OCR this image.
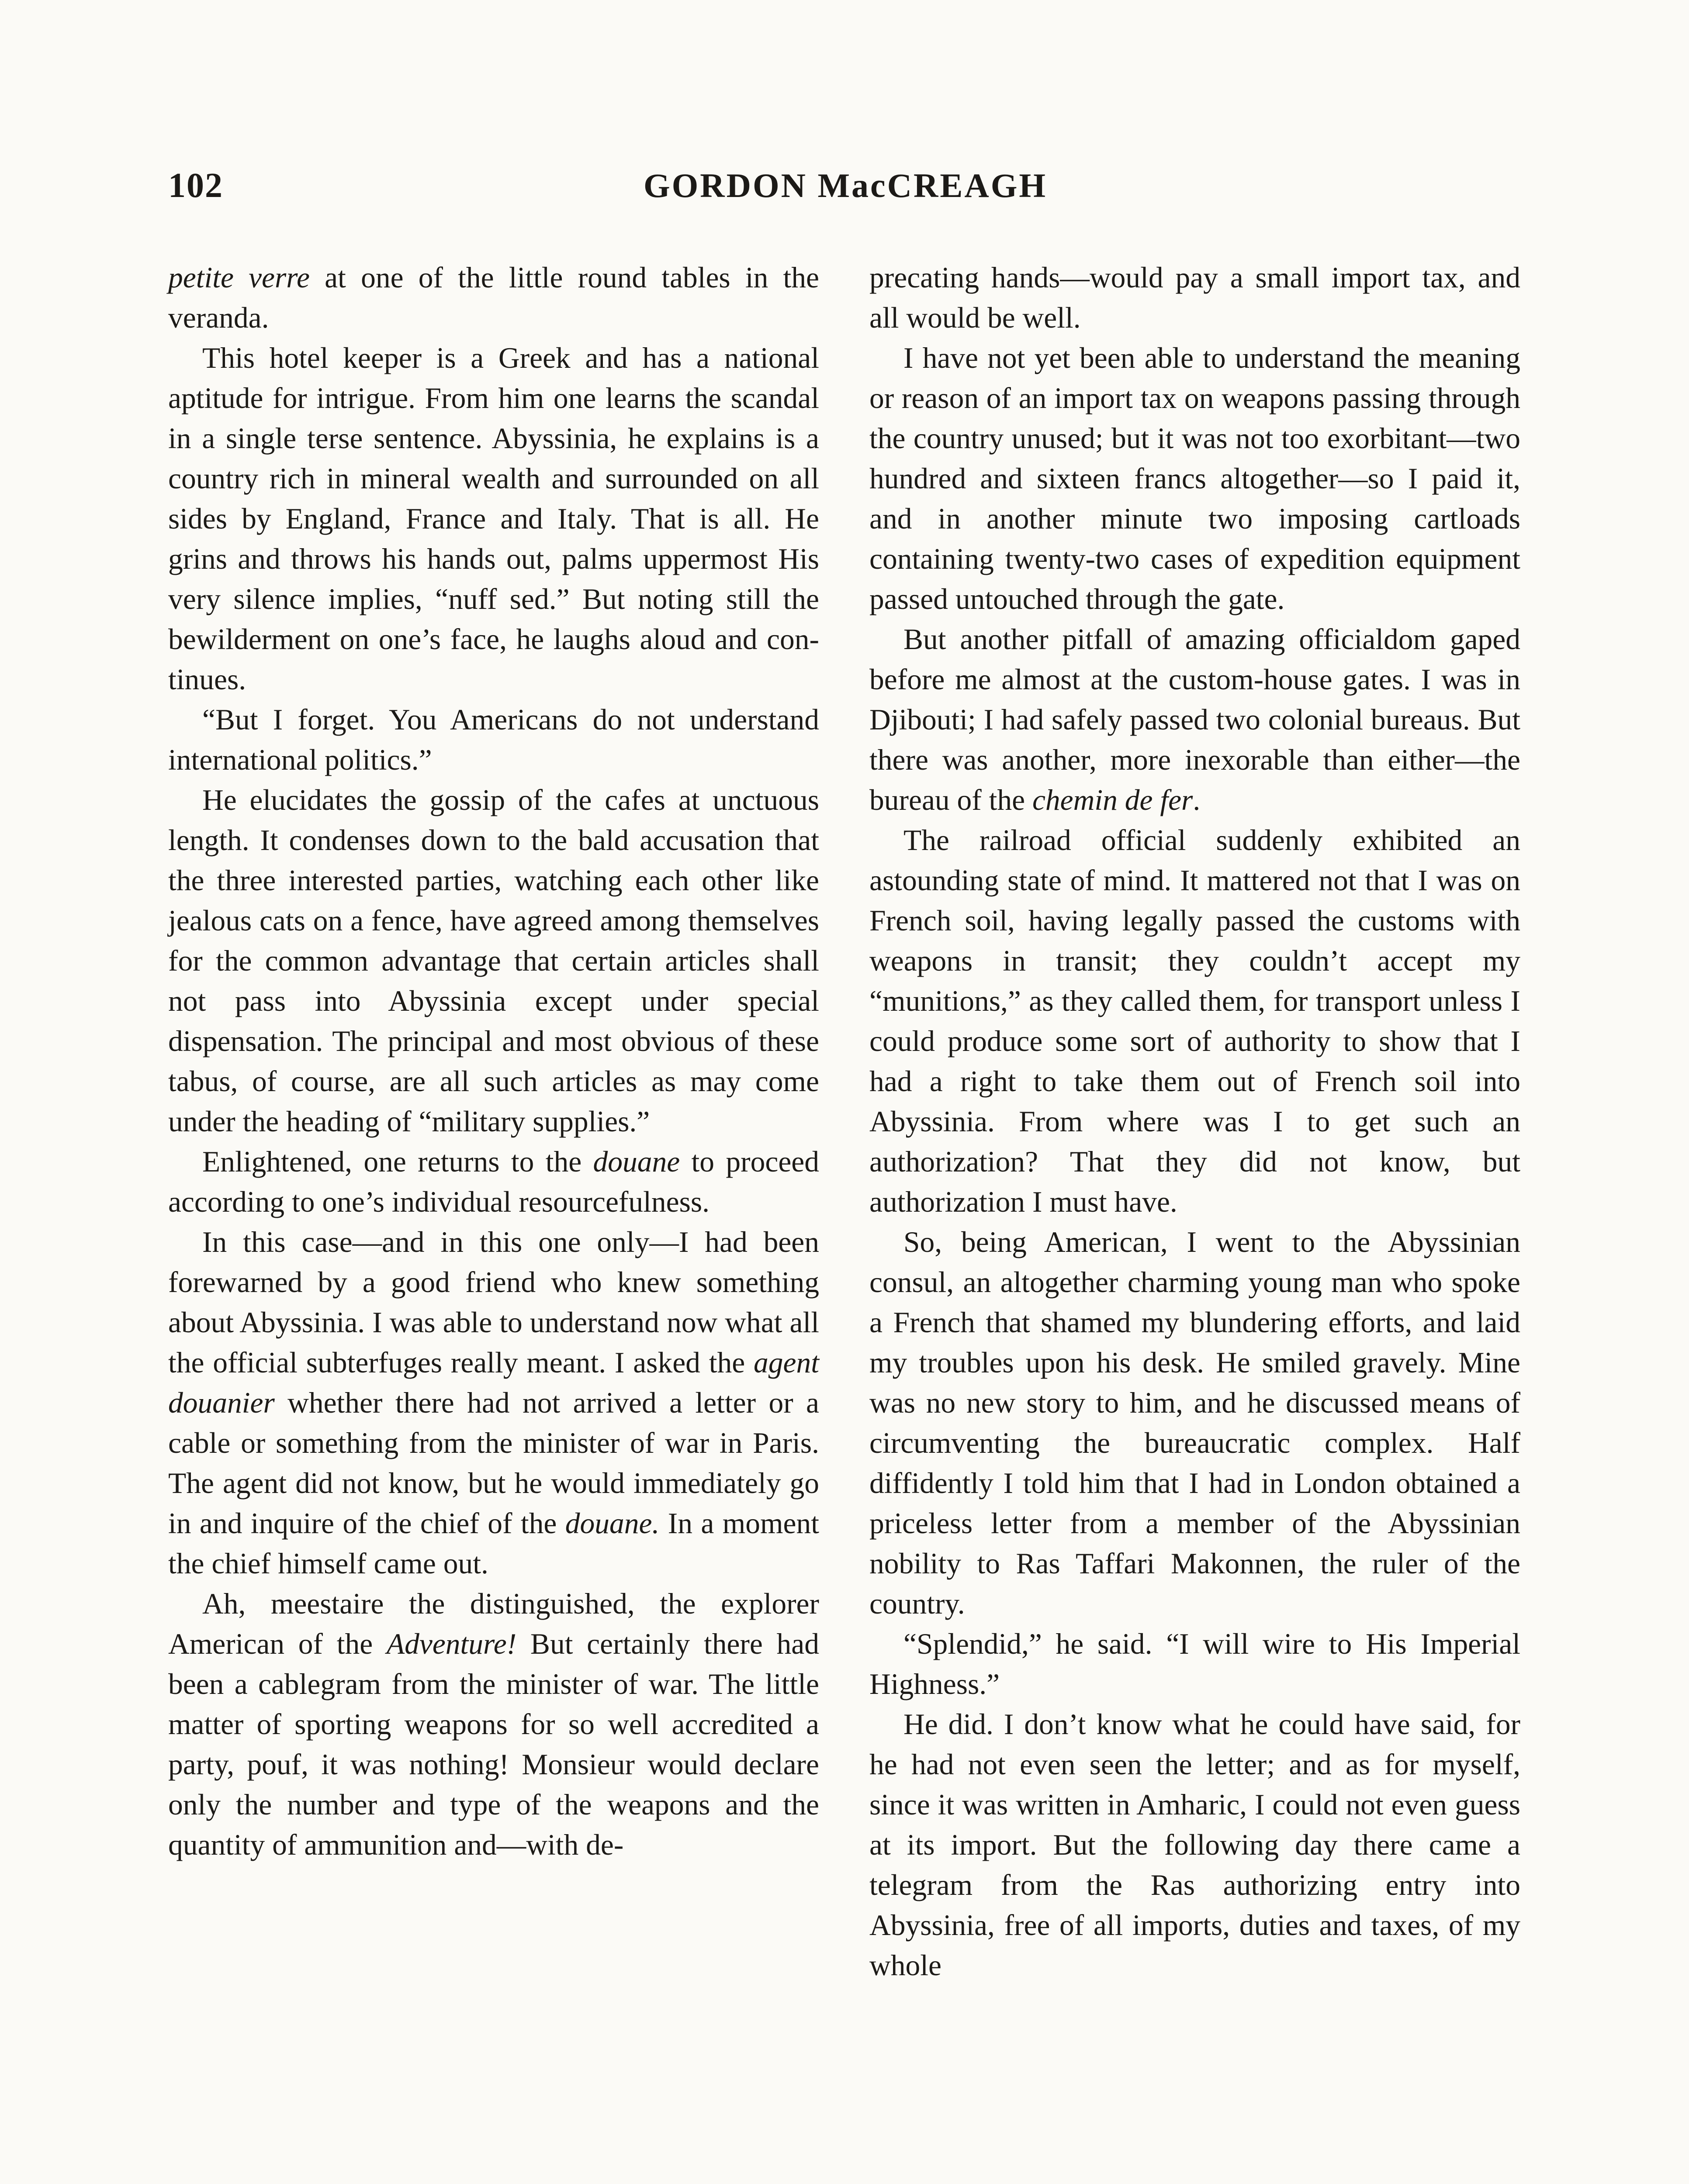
102	GORDON MacCREAGH

petite verre at one of the little round tables in the veranda.

This hotel keeper is a Greek and has a national aptitude for intrigue. From him one learns the scandal in a single terse sentence. Abyssinia, he explains is a country rich in mineral wealth and surrounded on all sides by England, France and Italy. That is all. He grins and throws his hands out, palms uppermost His very silence implies, “nuff sed.” But noting still the bewilderment on one’s face, he laughs aloud and continues.

“But I forget. You Americans do not understand international politics.”

He elucidates the gossip of the cafes at unctuous length. It condenses down to the bald accusation that the three interested parties, watching each other like jealous cats on a fence, have agreed among themselves for the common advantage that certain articles shall not pass into Abyssinia except under special dispensation. The principal and most obvious of these tabus, of course, are all such articles as may come under the heading of “military supplies.”

Enlightened, one returns to the douane to proceed according to one’s individual resourcefulness.

In this case—and in this one only—I had been forewarned by a good friend who knew something about Abyssinia. I was able to understand now what all the official subterfuges really meant. I asked the agent douanier whether there had not arrived a letter or a cable or something from the minister of war in Paris. The agent did not know, but he would immediately go in and inquire of the chief of the douane. In a moment the chief himself came out.

Ah, meestaire the distinguished, the explorer American of the Adventure! But certainly there had been a cablegram from the minister of war. The little matter of sporting weapons for so well accredited a party, pouf, it was nothing! Monsieur would declare only the number and type of the weapons and the quantity of ammunition and—with de-

precating hands—would pay a small import tax, and all would be well.

I have not yet been able to understand the meaning or reason of an import tax on weapons passing through the country unused; but it was not too exorbitant—two hundred and sixteen francs altogether—so I paid it, and in another minute two imposing cartloads containing twenty-two cases of expedition equipment passed untouched through the gate.

But another pitfall of amazing officialdom gaped before me almost at the custom-house gates. I was in Djibouti; I had safely passed two colonial bureaus. But there was another, more inexorable than either—the bureau of the chemin de fer.

The railroad official suddenly exhibited an astounding state of mind. It mattered not that I was on French soil, having legally passed the customs with weapons in transit; they couldn’t accept my “munitions,” as they called them, for transport unless I could produce some sort of authority to show that I had a right to take them out of French soil into Abyssinia. From where was I to get such an authorization? That they did not know, but authorization I must have.

So, being American, I went to the Abyssinian consul, an altogether charming young man who spoke a French that shamed my blundering efforts, and laid my troubles upon his desk. He smiled gravely. Mine was no new story to him, and he discussed means of circumventing the bureaucratic complex. Half diffidently I told him that I had in London obtained a priceless letter from a member of the Abyssinian nobility to Ras Taffari Makonnen, the ruler of the country.

“Splendid,” he said. “I will wire to His Imperial Highness.”

He did. I don’t know what he could have said, for he had not even seen the letter; and as for myself, since it was written in Amharic, I could not even guess at its import. But the following day there came a telegram from the Ras authorizing entry into Abyssinia, free of all imports, duties and taxes, of my whole
